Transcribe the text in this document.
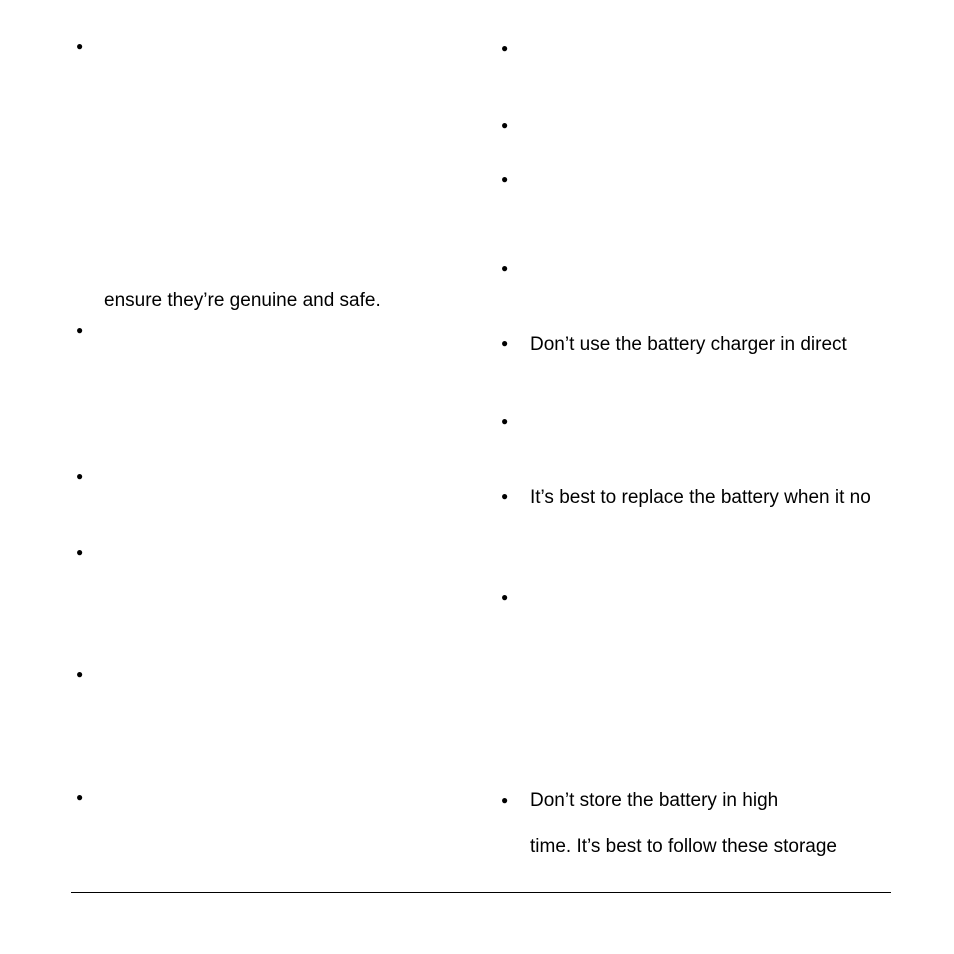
●
ensure they’re genuine and safe.
●
●
●
●
●
●
●
●
●
● Don’t use the battery charger in direct
●
● It’s best to replace the battery when it no
●
● Don’t store the battery in high
time. It’s best to follow these storage
